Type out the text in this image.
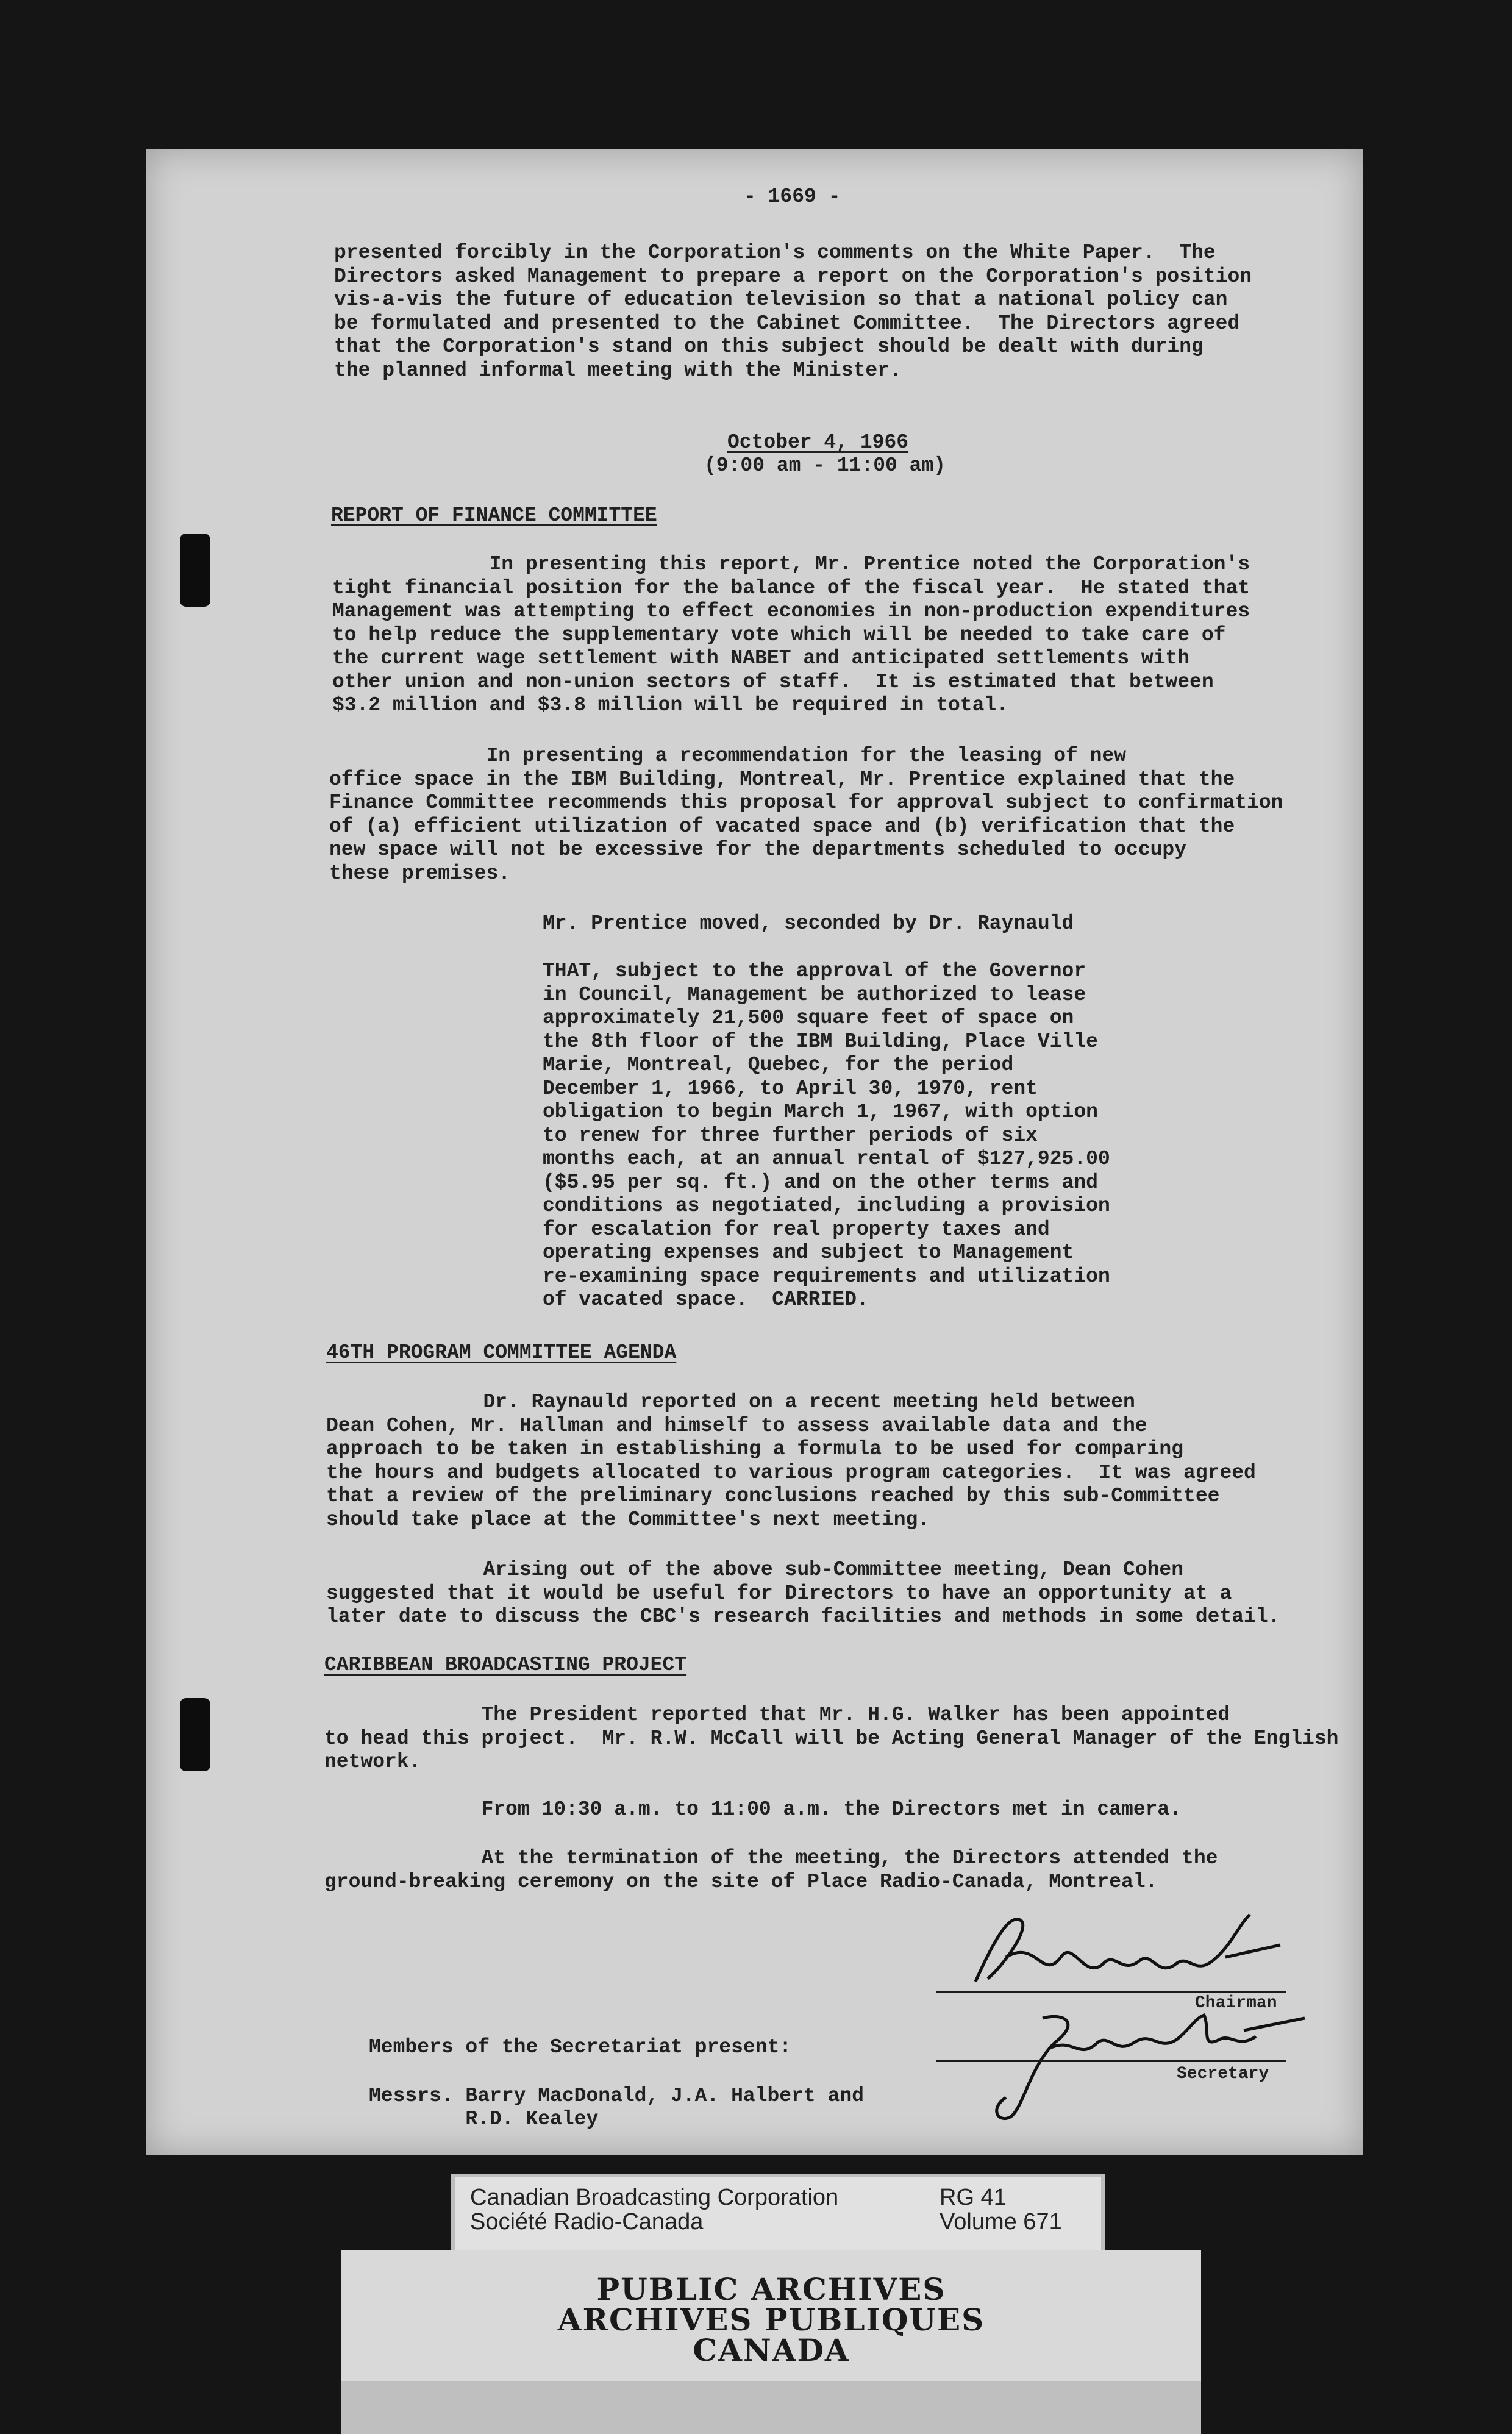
- 1669 -
presented forcibly in the Corporation's comments on the White Paper.  The
Directors asked Management to prepare a report on the Corporation's position
vis-a-vis the future of education television so that a national policy can
be formulated and presented to the Cabinet Committee.  The Directors agreed
that the Corporation's stand on this subject should be dealt with during
the planned informal meeting with the Minister.
October 4, 1966
(9:00 am - 11:00 am)
REPORT OF FINANCE COMMITTEE
In presenting this report, Mr. Prentice noted the Corporation's
tight financial position for the balance of the fiscal year.  He stated that
Management was attempting to effect economies in non-production expenditures
to help reduce the supplementary vote which will be needed to take care of
the current wage settlement with NABET and anticipated settlements with
other union and non-union sectors of staff.  It is estimated that between
$3.2 million and $3.8 million will be required in total.
In presenting a recommendation for the leasing of new
office space in the IBM Building, Montreal, Mr. Prentice explained that the
Finance Committee recommends this proposal for approval subject to confirmation
of (a) efficient utilization of vacated space and (b) verification that the
new space will not be excessive for the departments scheduled to occupy
these premises.
Mr. Prentice moved, seconded by Dr. Raynauld
THAT, subject to the approval of the Governor
in Council, Management be authorized to lease
approximately 21,500 square feet of space on
the 8th floor of the IBM Building, Place Ville
Marie, Montreal, Quebec, for the period
December 1, 1966, to April 30, 1970, rent
obligation to begin March 1, 1967, with option
to renew for three further periods of six
months each, at an annual rental of $127,925.00
($5.95 per sq. ft.) and on the other terms and
conditions as negotiated, including a provision
for escalation for real property taxes and
operating expenses and subject to Management
re-examining space requirements and utilization
of vacated space.  CARRIED.
46TH PROGRAM COMMITTEE AGENDA
Dr. Raynauld reported on a recent meeting held between
Dean Cohen, Mr. Hallman and himself to assess available data and the
approach to be taken in establishing a formula to be used for comparing
the hours and budgets allocated to various program categories.  It was agreed
that a review of the preliminary conclusions reached by this sub-Committee
should take place at the Committee's next meeting.
Arising out of the above sub-Committee meeting, Dean Cohen
suggested that it would be useful for Directors to have an opportunity at a
later date to discuss the CBC's research facilities and methods in some detail.
CARIBBEAN BROADCASTING PROJECT
The President reported that Mr. H.G. Walker has been appointed
to head this project.  Mr. R.W. McCall will be Acting General Manager of the English
network.
From 10:30 a.m. to 11:00 a.m. the Directors met in camera.
At the termination of the meeting, the Directors attended the
ground-breaking ceremony on the site of Place Radio-Canada, Montreal.
Chairman
Secretary
Members of the Secretariat present:
Messrs. Barry MacDonald, J.A. Halbert and
R.D. Kealey
Canadian Broadcasting Corporation
Société Radio-Canada
RG 41
Volume 671
PUBLIC ARCHIVES
ARCHIVES PUBLIQUES
CANADA
